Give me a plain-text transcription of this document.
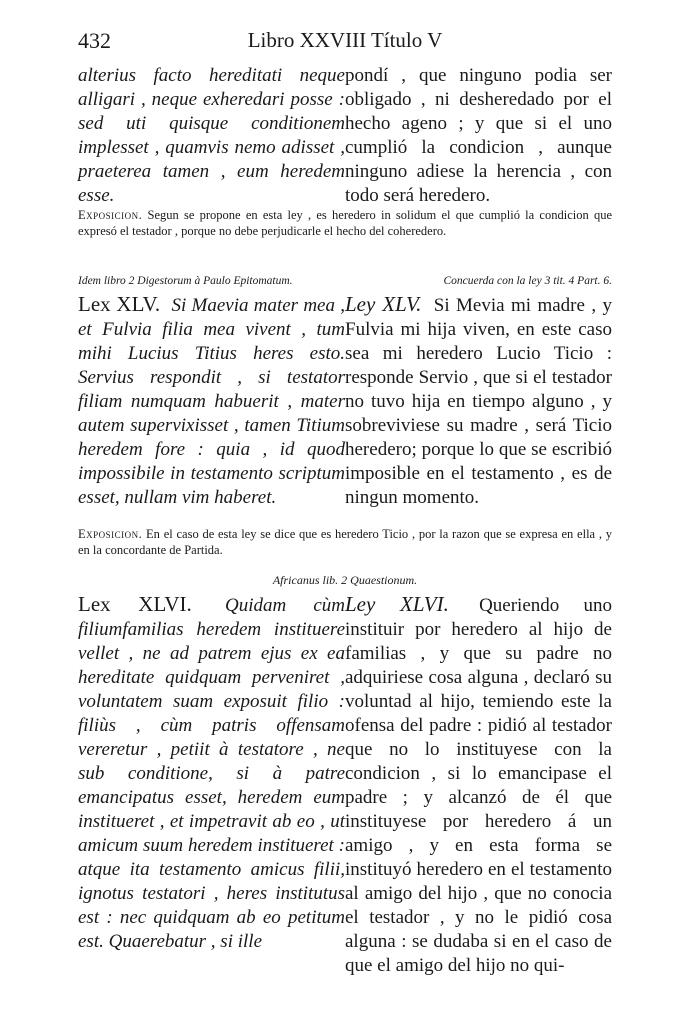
432	Libro XXVIII Título V

alterius facto hereditati neque alligari , neque exheredari posse : sed uti quisque conditionem implesset , quamvis nemo adisset , praeterea tamen , eum heredem esse.

pondí , que ninguno podia ser obligado , ni desheredado por el hecho ageno ; y que si el uno cumplió la condicion , aunque ninguno adiese la herencia , con todo será heredero.

Exposicion. Segun se propone en esta ley , es heredero in solidum el que cumplió la condicion que expresó el testador , porque no debe perjudicarle el hecho del coheredero.
Idem libro 2 Digestorum à Paulo Epitomatum.	Concuerda con la ley 3 tit. 4 Part. 6.

Lex XLV. Si Maevia mater mea , et Fulvia filia mea vivent , tum mihi Lucius Titius heres esto. Servius respondit , si testator filiam numquam habuerit , mater autem supervixisset , tamen Titium heredem fore : quia , id quod impossibile in testamento scriptum esset, nullam vim haberet.

Ley XLV. Si Mevia mi madre , y Fulvia mi hija viven, en este caso sea mi heredero Lucio Ticio : responde Servio , que si el testador no tuvo hija en tiempo alguno , y sobreviviese su madre , será Ticio heredero; porque lo que se escribió imposible en el testamento , es de ningun momento.

Exposicion. En el caso de esta ley se dice que es heredero Ticio , por la razon que se expresa en ella , y en la concordante de Partida.
Africanus lib. 2 Quaestionum.

Lex XLVI. Quidam cùm filiumfamilias heredem instituere vellet , ne ad patrem ejus ex ea hereditate quidquam perveniret , voluntatem suam exposuit filio : filiùs , cùm patris offensam vereretur , petiit à testatore , ne sub conditione, si à patre emancipatus esset, heredem eum institueret , et impetravit ab eo , ut amicum suum heredem institueret : atque ita testamento amicus filii, ignotus testatori , heres institutus est : nec quidquam ab eo petitum est. Quaerebatur , si ille

Ley XLVI. Queriendo uno instituir por heredero al hijo de familias , y que su padre no adquiriese cosa alguna , declaró su voluntad al hijo, temiendo este la ofensa del padre : pidió al testador que no lo instituyese con la condicion , si lo emancipase el padre ; y alcanzó de él que instituyese por heredero á un amigo , y en esta forma se instituyó heredero en el testamento al amigo del hijo , que no conocia el testador , y no le pidió cosa alguna : se dudaba si en el caso de que el amigo del hijo no qui-
